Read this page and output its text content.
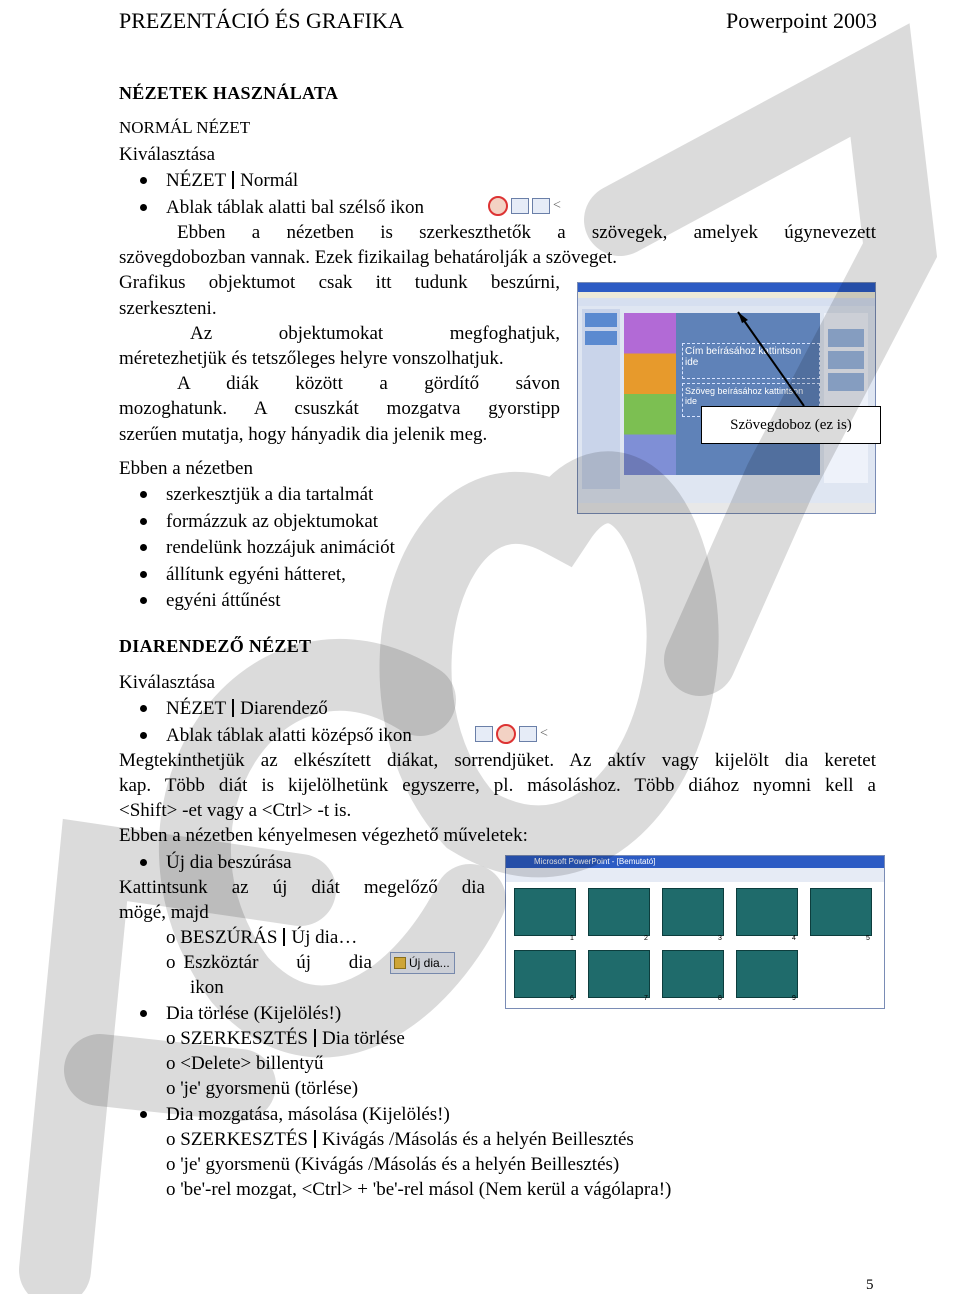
PREZENTÁCIÓ ÉS GRAFIKA	Powerpoint 2003
NÉZETEK HASZNÁLATA
NORMÁL NÉZET
Kiválasztása
NÉZET Normál
Ablak táblak alatti bal szélső ikon	<
Ebben a nézetben is szerkeszthetők a szövegek, amelyek úgynevezett
szövegdobozban vannak. Ezek fizikailag behatárolják a szöveget.
Grafikus objektumot csak itt tudunk beszúrni,
szerkeszteni.
Az objektumokat megfoghatjuk,
méretezhetjük és tetszőleges helyre vonszolhatjuk.
A diák között a gördítő sávon
mozoghatunk. A csuszkát mozgatva gyorstipp
szerűen mutatja, hogy hányadik dia jelenik meg.
Ebben a nézetben
szerkesztjük a dia tartalmát
formázzuk az objektumokat
rendelünk hozzájuk animációt
állítunk egyéni hátteret,
egyéni áttűnést
Cím beírásához kattintson ide
Szöveg beírásához kattintson ide
Szövegdoboz (ez is)
DIARENDEZŐ NÉZET
Kiválasztása
NÉZET Diarendező
Ablak táblak alatti középső ikon	<
Megtekinthetjük az elkészített diákat, sorrendjüket. Az aktív vagy kijelölt dia keretet
kap. Több diát is kijelölhetünk egyszerre, pl. másoláshoz. Több diához nyomni kell a
<Shift> -et vagy a <Ctrl> -t is.
Ebben a nézetben kényelmesen végezhető műveletek:
Új dia beszúrása
Kattintsunk az új diát megelőző dia
mögé, majd
o BESZÚRÁS Új dia…
o Eszköztár új dia	Új dia...
ikon
Dia törlése (Kijelölés!)
o SZERKESZTÉS Dia törlése
o <Delete> billentyű
o 'je' gyorsmenü (törlése)
Dia mozgatása, másolása (Kijelölés!)
o SZERKESZTÉS Kivágás /Másolás és a helyén Beillesztés
o 'je' gyorsmenü (Kivágás /Másolás és a helyén Beillesztés)
o 'be'-rel mozgat, <Ctrl> + 'be'-rel másol (Nem kerül a vágólapra!)
Microsoft PowerPoint - [Bemutató]
1	2	3	4	5
6	7	8	9
5
